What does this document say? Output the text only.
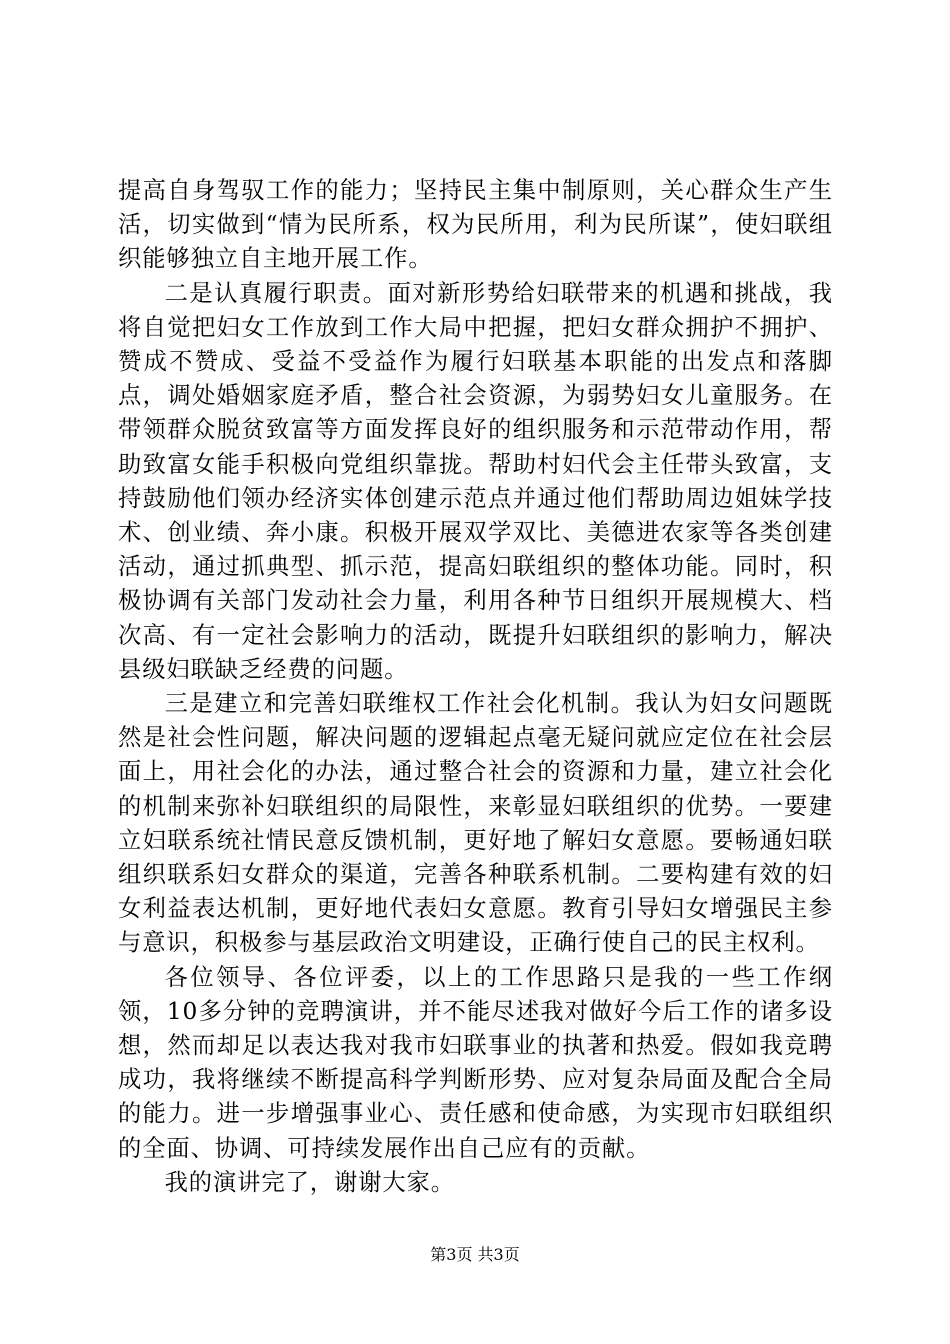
提高自身驾驭工作的能力；坚持民主集中制原则，关心群众生产生活，切实做到“情为民所系，权为民所用，利为民所谋”，使妇联组织能够独立自主地开展工作。

二是认真履行职责。面对新形势给妇联带来的机遇和挑战，我将自觉把妇女工作放到工作大局中把握，把妇女群众拥护不拥护、赞成不赞成、受益不受益作为履行妇联基本职能的出发点和落脚点，调处婚姻家庭矛盾，整合社会资源，为弱势妇女儿童服务。在带领群众脱贫致富等方面发挥良好的组织服务和示范带动作用，帮助致富女能手积极向党组织靠拢。帮助村妇代会主任带头致富，支持鼓励他们领办经济实体创建示范点并通过他们帮助周边姐妹学技术、创业绩、奔小康。积极开展双学双比、美德进农家等各类创建活动，通过抓典型、抓示范，提高妇联组织的整体功能。同时，积极协调有关部门发动社会力量，利用各种节日组织开展规模大、档次高、有一定社会影响力的活动，既提升妇联组织的影响力，解决县级妇联缺乏经费的问题。

三是建立和完善妇联维权工作社会化机制。我认为妇女问题既然是社会性问题，解决问题的逻辑起点毫无疑问就应定位在社会层面上，用社会化的办法，通过整合社会的资源和力量，建立社会化的机制来弥补妇联组织的局限性，来彰显妇联组织的优势。一要建立妇联系统社情民意反馈机制，更好地了解妇女意愿。要畅通妇联组织联系妇女群众的渠道，完善各种联系机制。二要构建有效的妇女利益表达机制，更好地代表妇女意愿。教育引导妇女增强民主参与意识，积极参与基层政治文明建设，正确行使自己的民主权利。

各位领导、各位评委，以上的工作思路只是我的一些工作纲领，10多分钟的竞聘演讲，并不能尽述我对做好今后工作的诸多设想，然而却足以表达我对我市妇联事业的执著和热爱。假如我竞聘成功，我将继续不断提高科学判断形势、应对复杂局面及配合全局的能力。进一步增强事业心、责任感和使命感，为实现市妇联组织的全面、协调、可持续发展作出自己应有的贡献。

我的演讲完了，谢谢大家。

第3页 共3页
